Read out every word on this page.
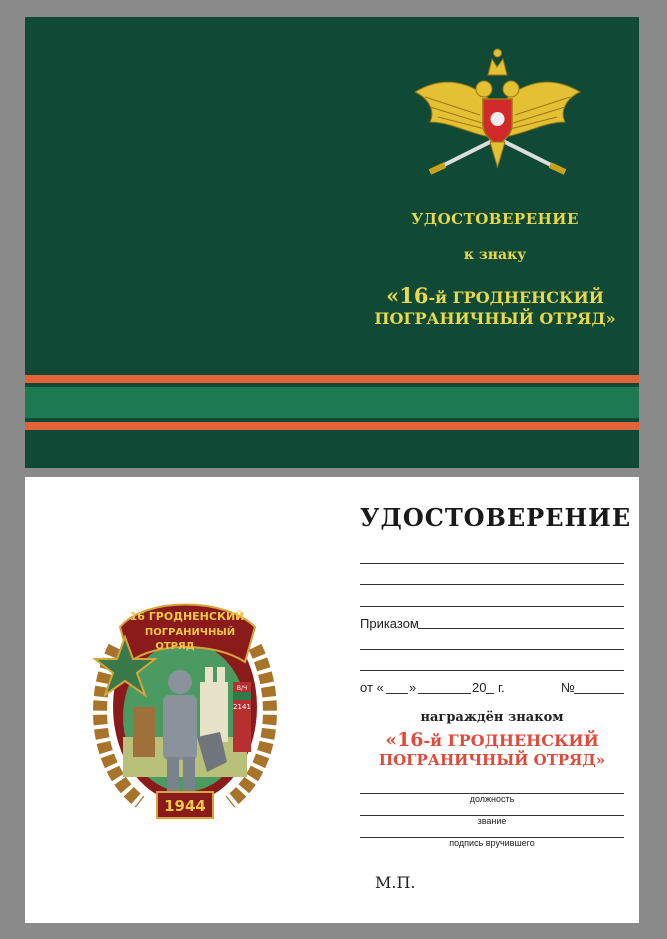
УДОСТОВЕРЕНИЕ
к знаку
«16-й ГРОДНЕНСКИЙ
ПОГРАНИЧНЫЙ ОТРЯД»
16 ГРОДНЕНСКИЙ
ПОГРАНИЧНЫЙ
ОТРЯД
В/Ч
2141
1944
УДОСТОВЕРЕНИЕ
Приказом
от « »	20 г.	№
награждён знаком
«16-й ГРОДНЕНСКИЙ
ПОГРАНИЧНЫЙ ОТРЯД»
должность
звание
подпись вручившего
М.П.
